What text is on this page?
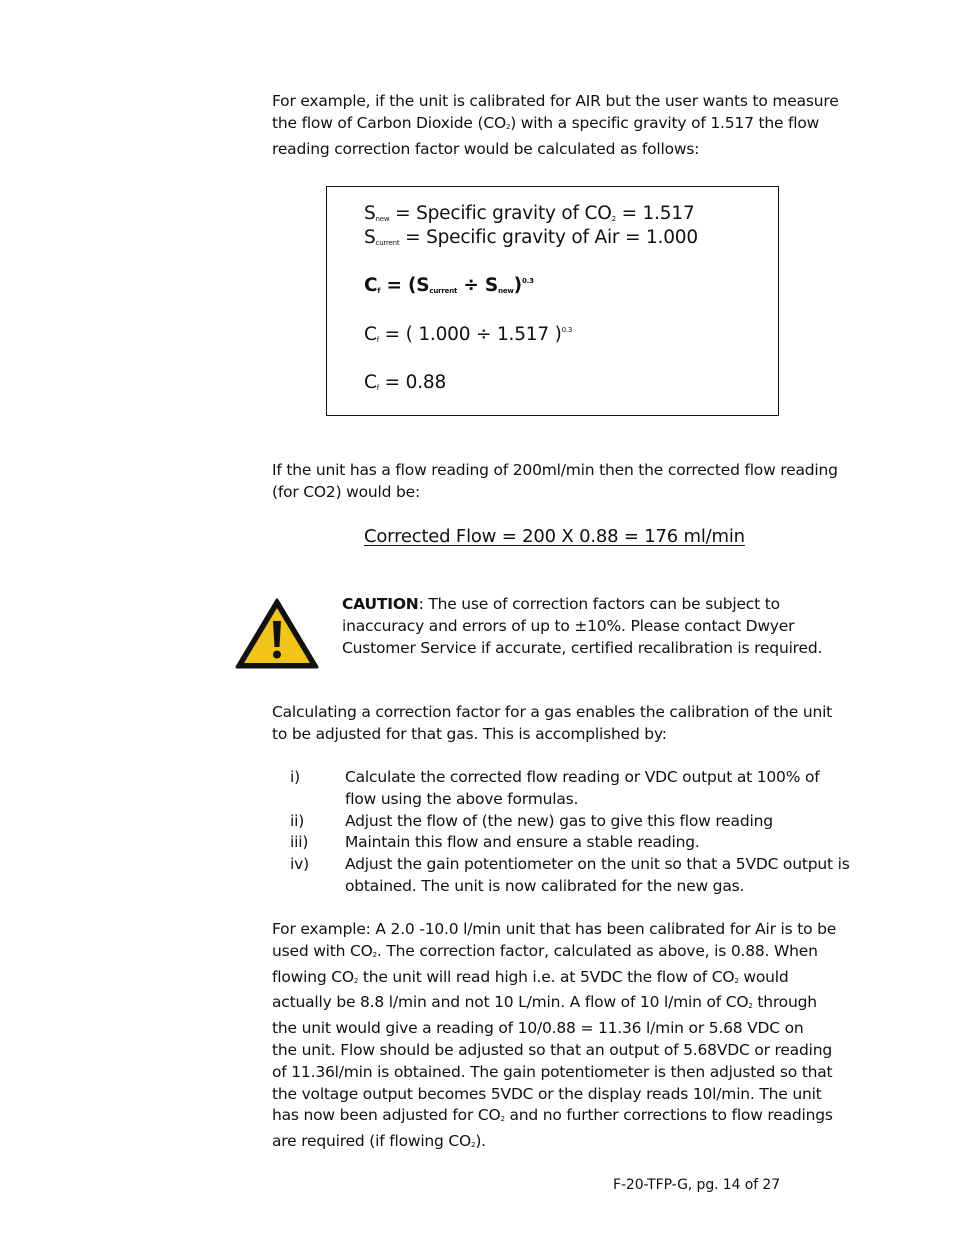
For example, if the unit is calibrated for AIR but the user wants to measure
the flow of Carbon Dioxide (CO2) with a specific gravity of 1.517 the flow
reading correction factor would be calculated as follows:
$S_{new}$ = Specific gravity of $CO_2 = 1.517$
$S_{current}$ = Specific gravity of Air = 1.000
$C_f = (S_{current} \div S_{new})^{0.3}$
$C_f$ = ( 1.000 ÷ 1.517 )$^{0.3}$
$C_f = 0.88$
If the unit has a flow reading of 200ml/min then the corrected flow reading
(for CO2) would be:
Corrected Flow = 200 X 0.88 = 176 ml/min
CAUTION: The use of correction factors can be subject to
inaccuracy and errors of up to ±10%. Please contact Dwyer
Customer Service if accurate, certified recalibration is required.
Calculating a correction factor for a gas enables the calibration of the unit
to be adjusted for that gas. This is accomplished by:
i)	Calculate the corrected flow reading or VDC output at 100% of
flow using the above formulas.
ii)	Adjust the flow of (the new) gas to give this flow reading
iii) Maintain this flow and ensure a stable reading.
iv) Adjust the gain potentiometer on the unit so that a 5VDC output is
obtained. The unit is now calibrated for the new gas.
For example: A 2.0 -10.0 l/min unit that has been calibrated for Air is to be
used with CO2. The correction factor, calculated as above, is 0.88. When
flowing CO2 the unit will read high i.e. at 5VDC the flow of CO2 would
actually be 8.8 l/min and not 10 L/min. A flow of 10 l/min of CO2 through
the unit would give a reading of 10/0.88 = 11.36 l/min or 5.68 VDC on
the unit. Flow should be adjusted so that an output of 5.68VDC or reading
of 11.36l/min is obtained. The gain potentiometer is then adjusted so that
the voltage output becomes 5VDC or the display reads 10l/min. The unit
has now been adjusted for CO2 and no further corrections to flow readings
are required (if flowing CO2).
F-20-TFP-G, pg. 14 of 27
